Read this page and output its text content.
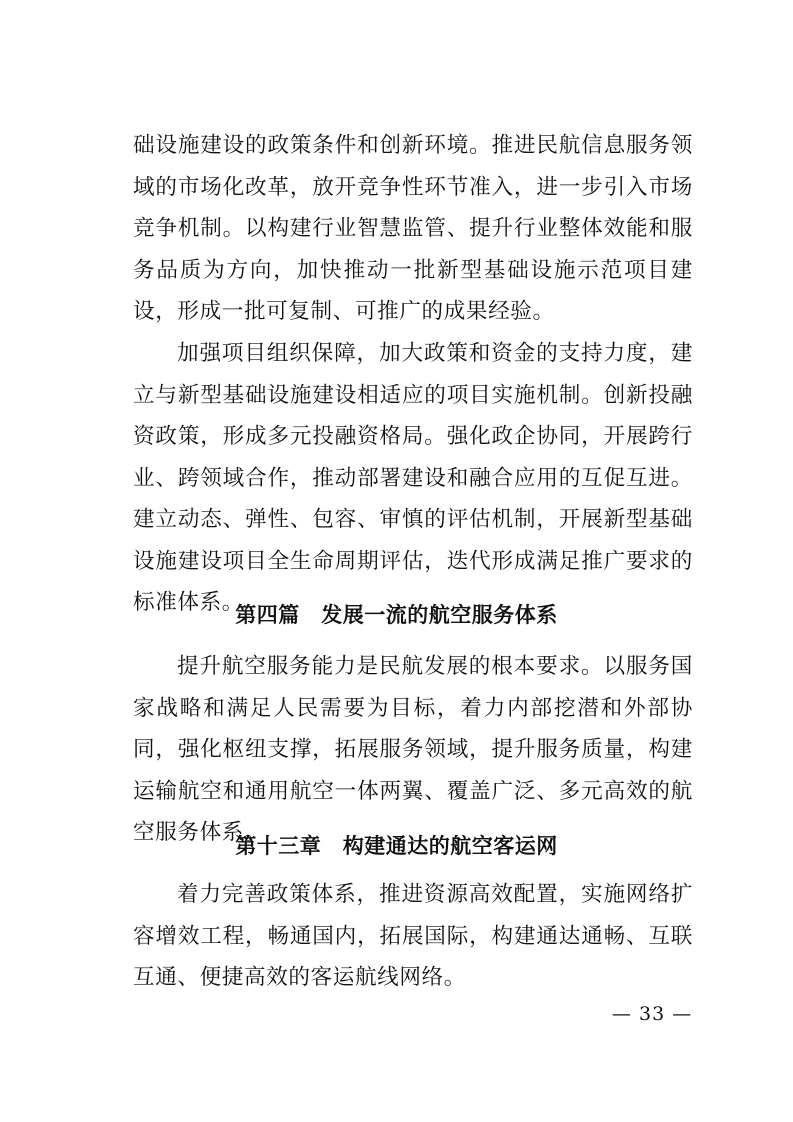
础设施建设的政策条件和创新环境。推进民航信息服务领域的市场化改革，放开竞争性环节准入，进一步引入市场竞争机制。以构建行业智慧监管、提升行业整体效能和服务品质为方向，加快推动一批新型基础设施示范项目建设，形成一批可复制、可推广的成果经验。

加强项目组织保障，加大政策和资金的支持力度，建立与新型基础设施建设相适应的项目实施机制。创新投融资政策，形成多元投融资格局。强化政企协同，开展跨行业、跨领域合作，推动部署建设和融合应用的互促互进。建立动态、弹性、包容、审慎的评估机制，开展新型基础设施建设项目全生命周期评估，迭代形成满足推广要求的标准体系。

第四篇　发展一流的航空服务体系

提升航空服务能力是民航发展的根本要求。以服务国家战略和满足人民需要为目标，着力内部挖潜和外部协同，强化枢纽支撑，拓展服务领域，提升服务质量，构建运输航空和通用航空一体两翼、覆盖广泛、多元高效的航空服务体系。

第十三章　构建通达的航空客运网

着力完善政策体系，推进资源高效配置，实施网络扩容增效工程，畅通国内，拓展国际，构建通达通畅、互联互通、便捷高效的客运航线网络。

— 33 —
